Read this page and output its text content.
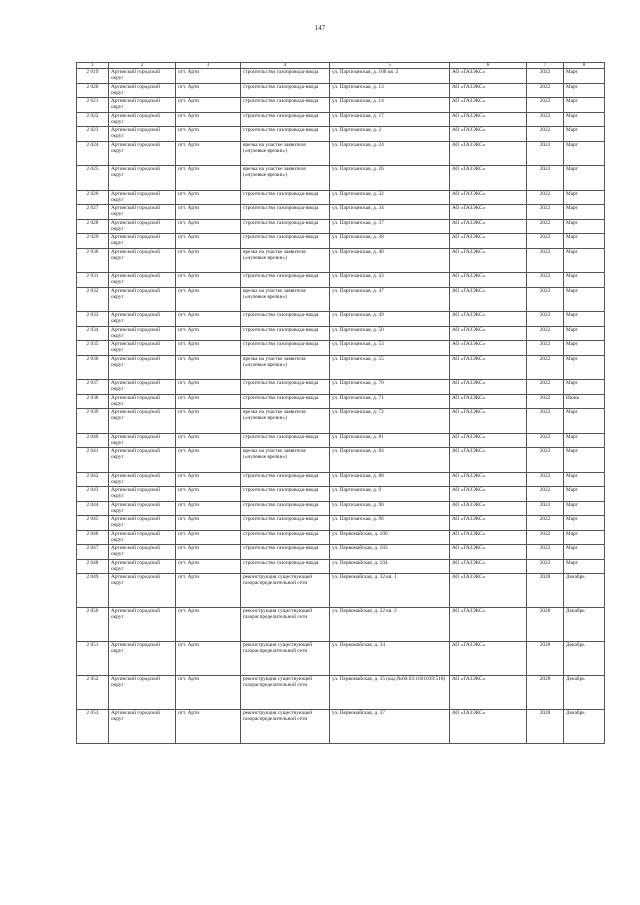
147
1	2	3	4	5	6	7	8
2 019	Артинский городской округ	пгт. Арти	строительство газопровода-ввода	ул. Партизанская, д. 10б кв. 2	АО «ГАЗЭКС»	2022	Март
2 020	Артинский городской округ	пгт. Арти	строительство газопровода-ввода	ул. Партизанская, д. 13	АО «ГАЗЭКС»	2022	Март
2 021	Артинский городской округ	пгт. Арти	строительство газопровода-ввода	ул. Партизанская, д. 14	АО «ГАЗЭКС»	2022	Март
2 022	Артинский городской округ	пгт. Арти	строительство газопровода-ввода	ул. Партизанская, д. 17	АО «ГАЗЭКС»	2022	Март
2 023	Артинский городской округ	пгт. Арти	строительство газопровода-ввода	ул. Партизанская, д. 2	АО «ГАЗЭКС»	2022	Март
2 024	Артинский городской округ	пгт. Арти	врезка на участке заявителя («нулевые врезки»)	ул. Партизанская, д. 24	АО «ГАЗЭКС»	2022	Март
2 025	Артинский городской округ	пгт. Арти	врезка на участке заявителя («нулевые врезки»)	ул. Партизанская, д. 26	АО «ГАЗЭКС»	2022	Март
2 026	Артинский городской округ	пгт. Арти	строительство газопровода-ввода	ул. Партизанская, д. 32	АО «ГАЗЭКС»	2022	Март
2 027	Артинский городской округ	пгт. Арти	строительство газопровода-ввода	ул. Партизанская, д. 34	АО «ГАЗЭКС»	2022	Март
2 028	Артинский городской округ	пгт. Арти	строительство газопровода-ввода	ул. Партизанская, д. 37	АО «ГАЗЭКС»	2022	Март
2 029	Артинский городской округ	пгт. Арти	строительство газопровода-ввода	ул. Партизанская, д. 38	АО «ГАЗЭКС»	2022	Март
2 030	Артинский городской округ	пгт. Арти	врезка на участке заявителя («нулевые врезки»)	ул. Партизанская, д. 40	АО «ГАЗЭКС»	2022	Март
2 031	Артинский городской округ	пгт. Арти	строительство газопровода-ввода	ул. Партизанская, д. 43	АО «ГАЗЭКС»	2022	Март
2 032	Артинский городской округ	пгт. Арти	врезка на участке заявителя («нулевые врезки»)	ул. Партизанская, д. 47	АО «ГАЗЭКС»	2022	Март
2 033	Артинский городской округ	пгт. Арти	строительство газопровода-ввода	ул. Партизанская, д. 49	АО «ГАЗЭКС»	2022	Март
2 034	Артинский городской округ	пгт. Арти	строительство газопровода-ввода	ул. Партизанская, д. 50	АО «ГАЗЭКС»	2022	Март
2 035	Артинский городской округ	пгт. Арти	строительство газопровода-ввода	ул. Партизанская, д. 53	АО «ГАЗЭКС»	2022	Март
2 036	Артинский городской округ	пгт. Арти	врезка на участке заявителя («нулевые врезки»)	ул. Партизанская, д. 55	АО «ГАЗЭКС»	2022	Март
2 037	Артинский городской округ	пгт. Арти	строительство газопровода-ввода	ул. Партизанская, д. 70	АО «ГАЗЭКС»	2022	Март
2 038	Артинский городской округ	пгт. Арти	строительство газопровода-ввода	ул. Партизанская, д. 71	АО «ГАЗЭКС»	2022	Июнь
2 039	Артинский городской округ	пгт. Арти	врезка на участке заявителя («нулевые врезки»)	ул. Партизанская, д. 72	АО «ГАЗЭКС»	2022	Март
2 040	Артинский городской округ	пгт. Арти	строительство газопровода-ввода	ул. Партизанская, д. 81	АО «ГАЗЭКС»	2022	Март
2 041	Артинский городской округ	пгт. Арти	врезка на участке заявителя («нулевые врезки»)	ул. Партизанская, д. 84	АО «ГАЗЭКС»	2022	Март
2 042	Артинский городской округ	пгт. Арти	строительство газопровода-ввода	ул. Партизанская, д. 88	АО «ГАЗЭКС»	2022	Март
2 043	Артинский городской округ	пгт. Арти	строительство газопровода-ввода	ул. Партизанская, д. 9	АО «ГАЗЭКС»	2022	Март
2 044	Артинский городской округ	пгт. Арти	строительство газопровода-ввода	ул. Партизанская, д. 90	АО «ГАЗЭКС»	2022	Март
2 045	Артинский городской округ	пгт. Арти	строительство газопровода-ввода	ул. Партизанская, д. 96	АО «ГАЗЭКС»	2022	Март
2 046	Артинский городской округ	пгт. Арти	строительство газопровода-ввода	ул. Первомайская, д. 100	АО «ГАЗЭКС»	2022	Март
2 047	Артинский городской округ	пгт. Арти	строительство газопровода-ввода	ул. Первомайская, д. 103	АО «ГАЗЭКС»	2022	Март
2 048	Артинский городской округ	пгт. Арти	строительство газопровода-ввода	ул. Первомайская, д. 104	АО «ГАЗЭКС»	2022	Март
2 049	Артинский городской округ	пгт. Арти	реконструкция существующей газораспределительной сети	ул. Первомайская, д. 32 кв. 1	АО «ГАЗЭКС»	2028	Декабрь
2 050	Артинский городской округ	пгт. Арти	реконструкция существующей газораспределительной сети	ул. Первомайская, д. 32 кв. 2	АО «ГАЗЭКС»	2028	Декабрь
2 051	Артинский городской округ	пгт. Арти	реконструкция существующей газораспределительной сети	ул. Первомайская, д. 34	АО «ГАЗЭКС»	2028	Декабрь
2 052	Артинский городской округ	пгт. Арти	реконструкция существующей газораспределительной сети	ул. Первомайская, д. 35 (кад.№66:03:1601039:518)	АО «ГАЗЭКС»	2028	Декабрь
2 053	Артинский городской округ	пгт. Арти	реконструкция существующей газораспределительной сети	ул. Первомайская, д. 37	АО «ГАЗЭКС»	2028	Декабрь
